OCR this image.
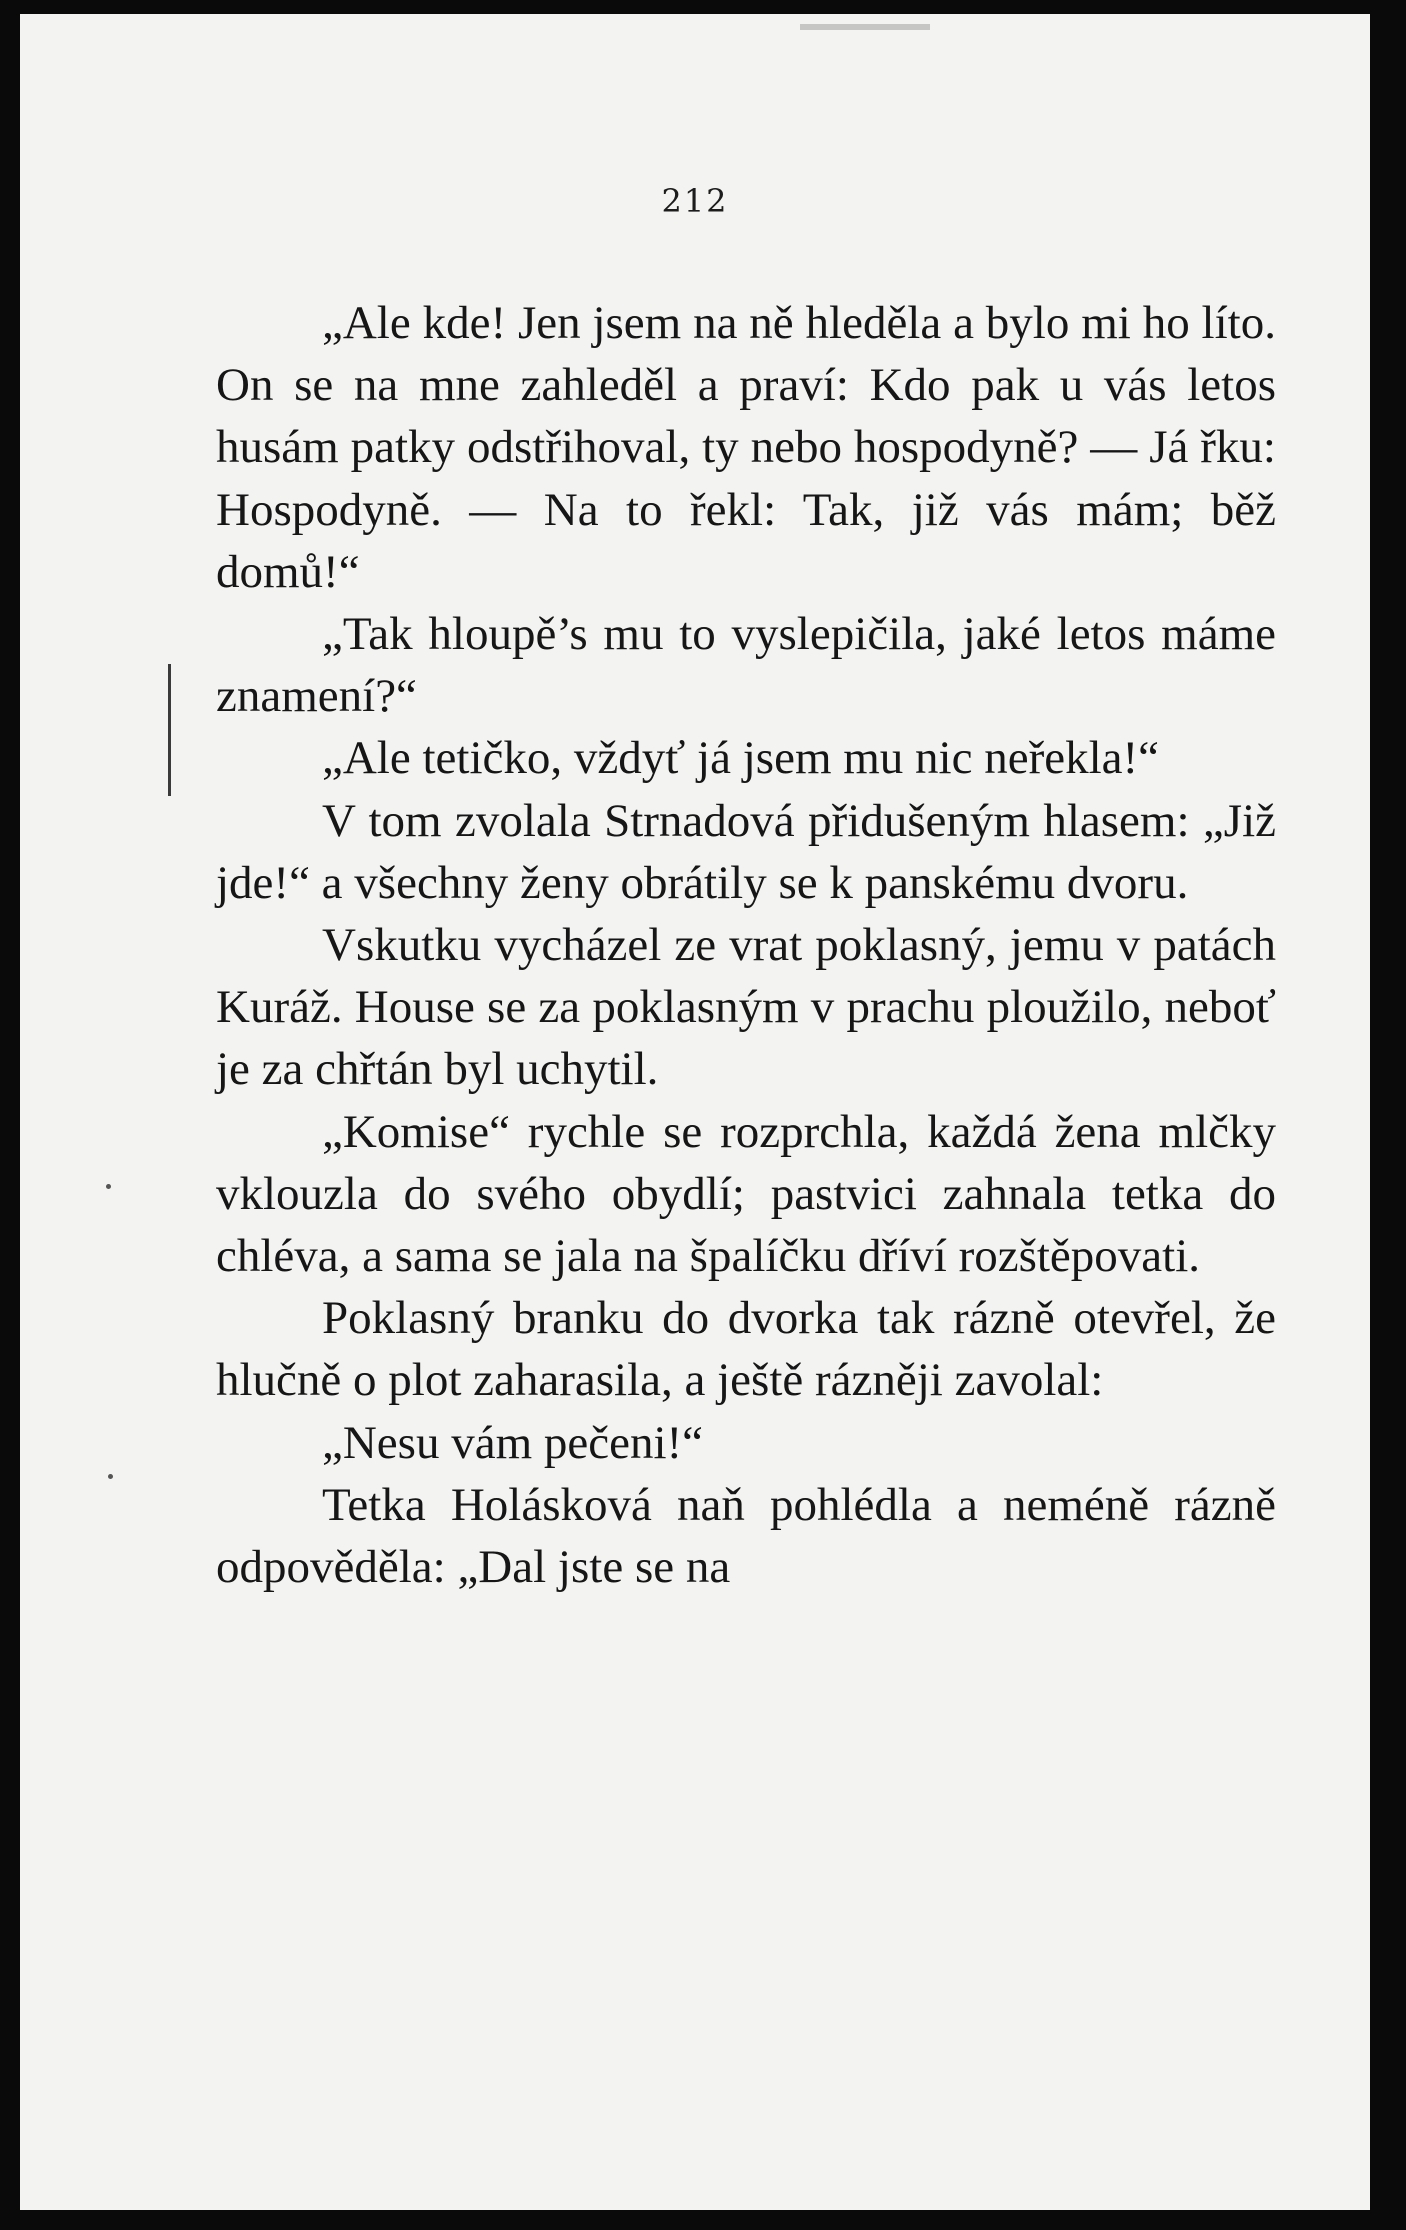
212

„Ale kde! Jen jsem na ně hleděla a bylo mi ho líto. On se na mne zahleděl a praví: Kdo pak u vás letos husám patky odstřihoval, ty nebo hospodyně? — Já řku: Hospodyně. — Na to řekl: Tak, již vás mám; běž domů!“

„Tak hloupě’s mu to vyslepičila, jaké letos máme znamení?“

„Ale tetičko, vždyť já jsem mu nic neřekla!“

V tom zvolala Strnadová přidušeným hlasem: „Již jde!“ a všechny ženy obrátily se k panskému dvoru.

Vskutku vycházel ze vrat poklasný, jemu v patách Kuráž. House se za poklasným v prachu ploužilo, neboť je za chřtán byl uchytil.

„Komise“ rychle se rozprchla, každá žena mlčky vklouzla do svého obydlí; pastvici zahnala tetka do chléva, a sama se jala na špalíčku dříví rozštěpovati.

Poklasný branku do dvorka tak rázně otevřel, že hlučně o plot zaharasila, a ještě rázněji zavolal:

„Nesu vám pečeni!“

Tetka Holásková naň pohlédla a neméně rázně odpověděla: „Dal jste se na
